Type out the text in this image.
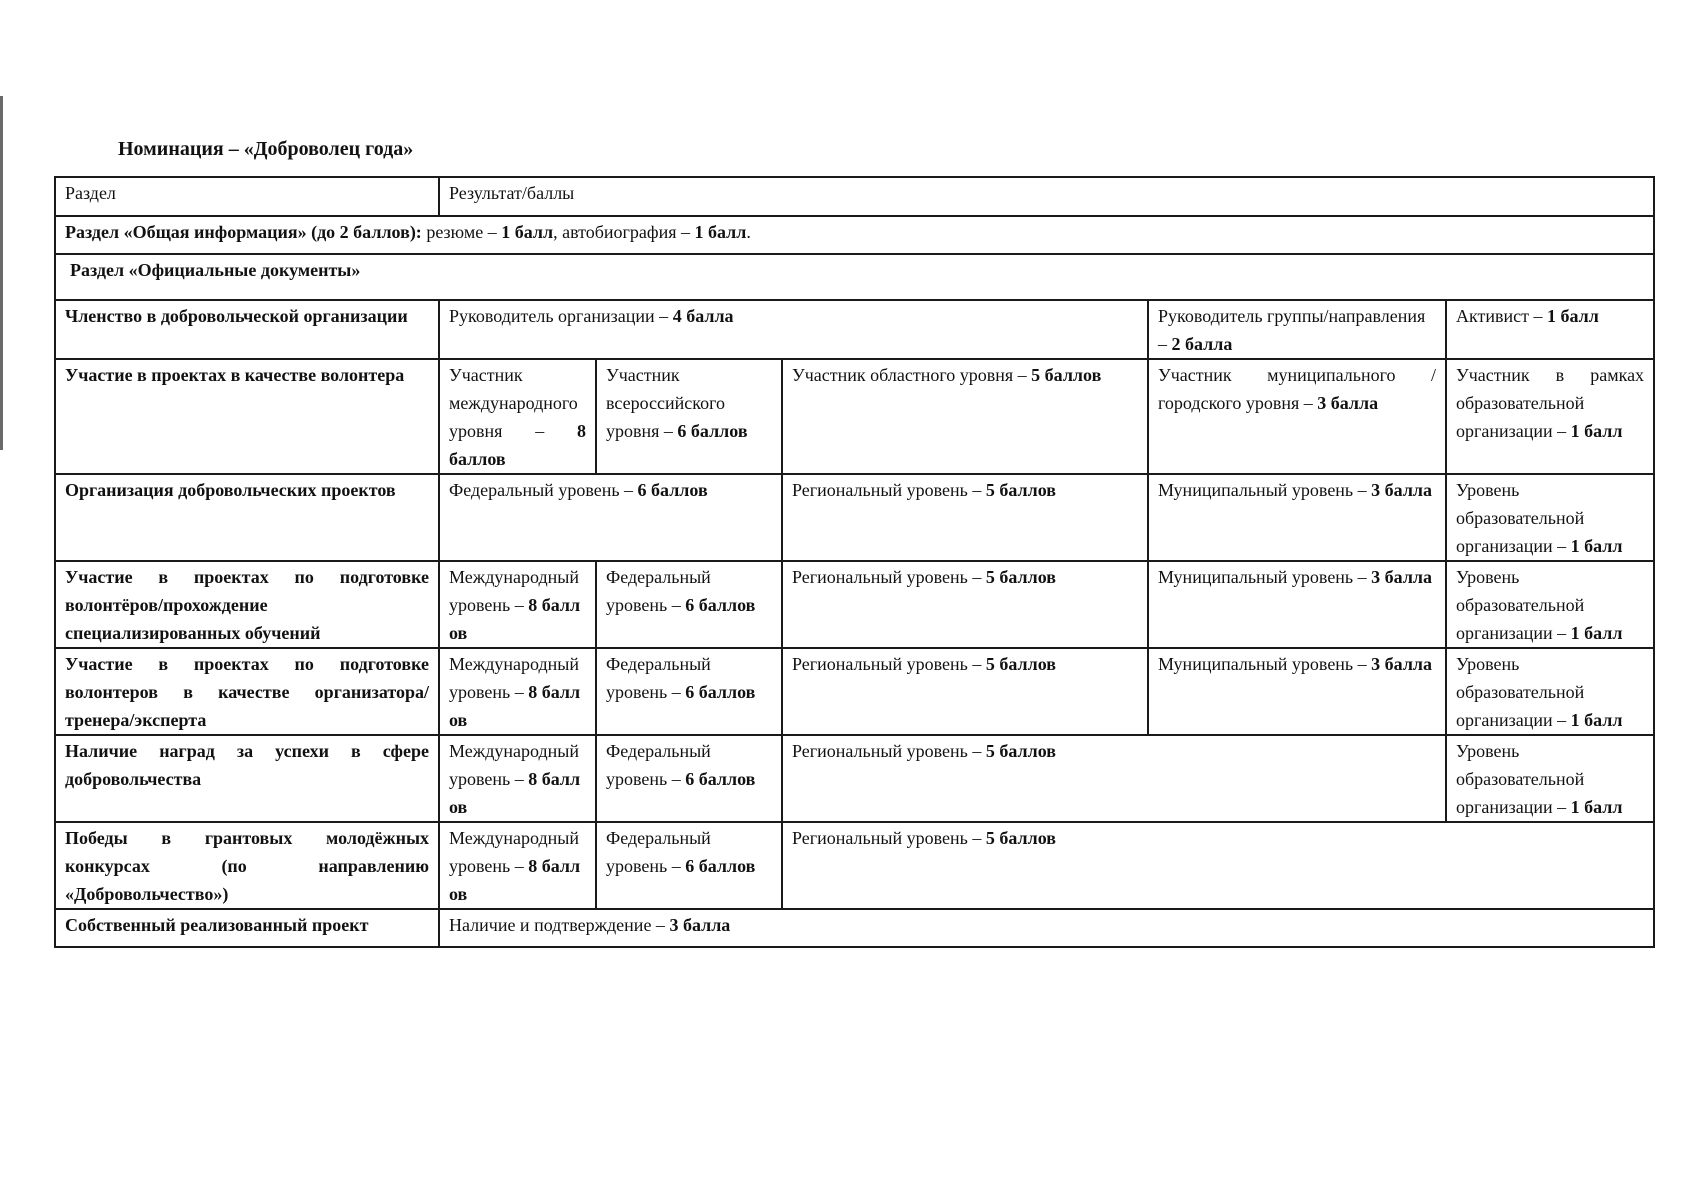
Номинация – «Доброволец года»
Раздел	Результат/баллы				
Раздел «Общая информация» (до 2 баллов): резюме – 1 балл, автобиография – 1 балл.					
Раздел «Официальные документы»					
Членство в добровольческой организации	Руководитель организации – 4 балла			Руководитель группы/направления – 2 балла	Активист – 1 балл
Участие в проектах в качестве волонтера	Участник международного уровня – 8 баллов	Участник всероссийского уровня – 6 баллов	Участник областного уровня – 5 баллов	Участник муниципального /городского уровня – 3 балла	Участник в рамках образовательной организации – 1 балл
Организация добровольческих проектов	Федеральный уровень – 6 баллов		Региональный уровень – 5 баллов	Муниципальный уровень – 3 балла	Уровень образовательной организации – 1 балл
Участие в проектах по подготовке волонтёров/прохождение специализированных обучений	Международный уровень – 8 баллов	Федеральный уровень – 6 баллов	Региональный уровень – 5 баллов	Муниципальный уровень – 3 балла	Уровень образовательной организации – 1 балл
Участие в проектах по подготовке волонтеров в качестве организатора/тренера/эксперта	Международный уровень – 8 баллов	Федеральный уровень – 6 баллов	Региональный уровень – 5 баллов	Муниципальный уровень – 3 балла	Уровень образовательной организации – 1 балл
Наличие наград за успехи в сфере добровольчества	Международный уровень – 8 баллов	Федеральный уровень – 6 баллов	Региональный уровень – 5 баллов		Уровень образовательной организации – 1 балл
Победы в грантовых молодёжных конкурсах (по направлению «Добровольчество»)	Международный уровень – 8 баллов	Федеральный уровень – 6 баллов	Региональный уровень – 5 баллов		
Собственный реализованный проект	Наличие и подтверждение – 3 балла				
